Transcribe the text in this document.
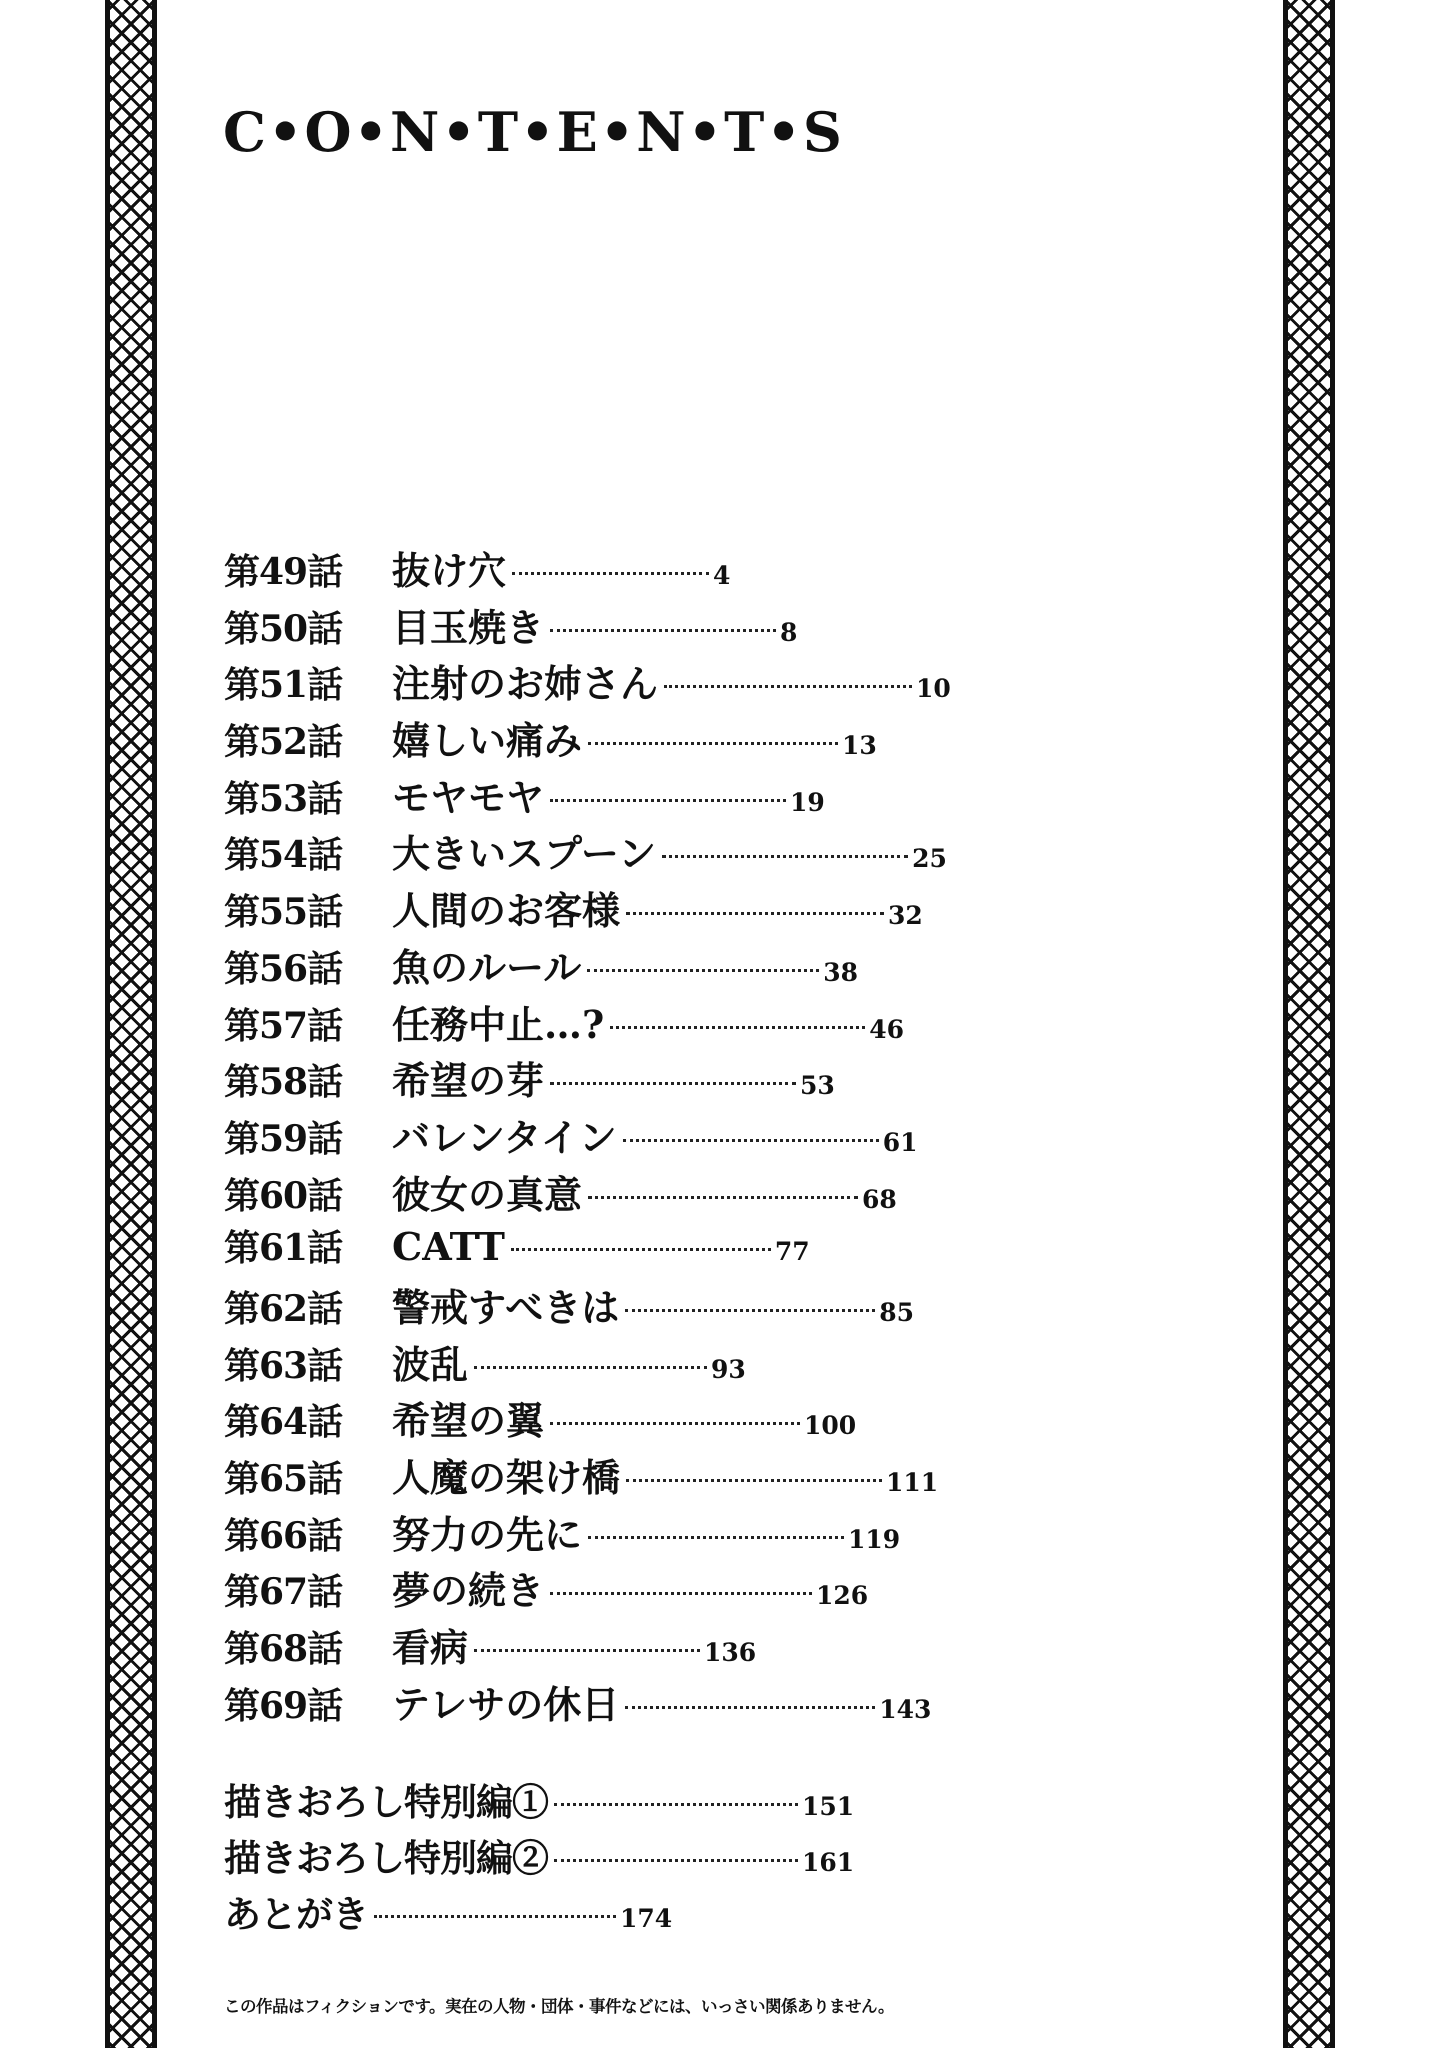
C•O•N•T•E•N•T•S
第49話	抜け穴	4
第50話	目玉焼き	8
第51話	注射のお姉さん	10
第52話	嬉しい痛み	13
第53話	モヤモヤ	19
第54話	大きいスプーン	25
第55話	人間のお客様	32
第56話	魚のルール	38
第57話	任務中止…?	46
第58話	希望の芽	53
第59話	バレンタイン	61
第60話	彼女の真意	68
第61話	CATT	77
第62話	警戒すべきは	85
第63話	波乱	93
第64話	希望の翼	100
第65話	人魔の架け橋	111
第66話	努力の先に	119
第67話	夢の続き	126
第68話	看病	136
第69話	テレサの休日	143
描きおろし特別編①	151
描きおろし特別編②	161
あとがき	174

この作品はフィクションです。実在の人物・団体・事件などには、いっさい関係ありません。
